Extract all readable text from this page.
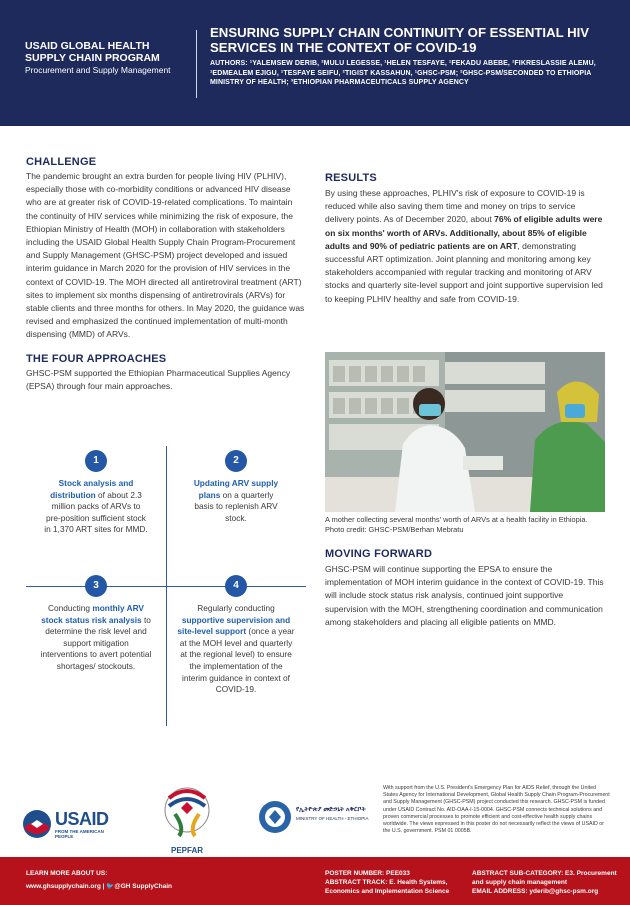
USAID GLOBAL HEALTH SUPPLY CHAIN PROGRAM
Procurement and Supply Management
ENSURING SUPPLY CHAIN CONTINUITY OF ESSENTIAL HIV SERVICES IN THE CONTEXT OF COVID-19
AUTHORS: ¹YALEMSEW DERIB, ²MULU LEGESSE, ¹HELEN TESFAYE, ¹FEKADU ABEBE, ¹FIKRESLASSIE ALEMU, ¹EDMEALEM EJIGU, ¹TESFAYE SEIFU, ²TIGIST KASSAHUN, ¹GHSC-PSM; ²GHSC-PSM/SECONDED TO ETHIOPIA MINISTRY OF HEALTH; ³ETHIOPIAN PHARMACEUTICALS SUPPLY AGENCY
CHALLENGE

The pandemic brought an extra burden for people living HIV (PLHIV), especially those with co-morbidity conditions or advanced HIV disease who are at greater risk of COVID-19-related complications. To maintain the continuity of HIV services while minimizing the risk of exposure, the Ethiopian Ministry of Health (MOH) in collaboration with stakeholders including the USAID Global Health Supply Chain Program-Procurement and Supply Management (GHSC-PSM) project developed and issued interim guidance in March 2020 for the provision of HIV services in the context of COVID-19. The MOH directed all antiretroviral treatment (ART) sites to implement six months dispensing of antiretrovirals (ARVs) for stable clients and three months for others. In May 2020, the guidance was revised and emphasized the continued implementation of multi-month dispensing (MMD) of ARVs.

THE FOUR APPROACHES

GHSC-PSM supported the Ethiopian Pharmaceutical Supplies Agency (EPSA) through four main approaches.

1
Stock analysis and distribution of about 2.3 million packs of ARVs to pre-position sufficient stock in 1,370 ART sites for MMD.
2
Updating ARV supply plans on a quarterly basis to replenish ARV stock.
3
Conducting monthly ARV stock status risk analysis to determine the risk level and support mitigation interventions to avert potential shortages/ stockouts.
4
Regularly conducting supportive supervision and site-level support (once a year at the MOH level and quarterly at the regional level) to ensure the implementation of the interim guidance in context of COVID-19.
RESULTS

By using these approaches, PLHIV's risk of exposure to COVID-19 is reduced while also saving them time and money on trips to service delivery points. As of December 2020, about 76% of eligible adults were on six months' worth of ARVs. Additionally, about 85% of eligible adults and 90% of pediatric patients are on ART, demonstrating successful ART optimization. Joint planning and monitoring among key stakeholders accompanied with regular tracking and monitoring of ARV stocks and quarterly site-level support and joint supportive supervision led to keeping PLHIV healthy and safe from COVID-19.

A mother collecting several months' worth of ARVs at a health facility in Ethiopia. Photo credit: GHSC-PSM/Berhan Mebratu
MOVING FORWARD

GHSC-PSM will continue supporting the EPSA to ensure the implementation of MOH interim guidance in the context of COVID-19. This will include stock status risk analysis, continued joint supportive supervision with the MOH, strengthening coordination and communication among stakeholders and placing all eligible patients on MMD.

USAID
FROM THE AMERICAN PEOPLE
PEPFAR
የኢትዮጵያ መድኃኒት አቅርቦት
MINISTRY OF HEALTH - ETHIOPIA
With support from the U.S. President's Emergency Plan for AIDS Relief, through the United States Agency for International Development, Global Health Supply Chain Program-Procurement and Supply Management (GHSC-PSM) project conducted this research. GHSC-PSM is funded under USAID Contract No. AID-OAA-I-15-0004. GHSC-PSM connects technical solutions and proven commercial processes to promote efficient and cost-effective health supply chains worldwide. The views expressed in this poster do not necessarily reflect the views of USAID or the U.S. government. PSM 01 0005B.
LEARN MORE ABOUT US:
www.ghsupplychain.org | 🐦@GH SupplyChain
POSTER NUMBER: PEE033
ABSTRACT TRACK: E. Health Systems, Economics and Implementation Science
ABSTRACT SUB-CATEGORY: E3. Procurement and supply chain management
EMAIL ADDRESS: yderib@ghsc-psm.org
